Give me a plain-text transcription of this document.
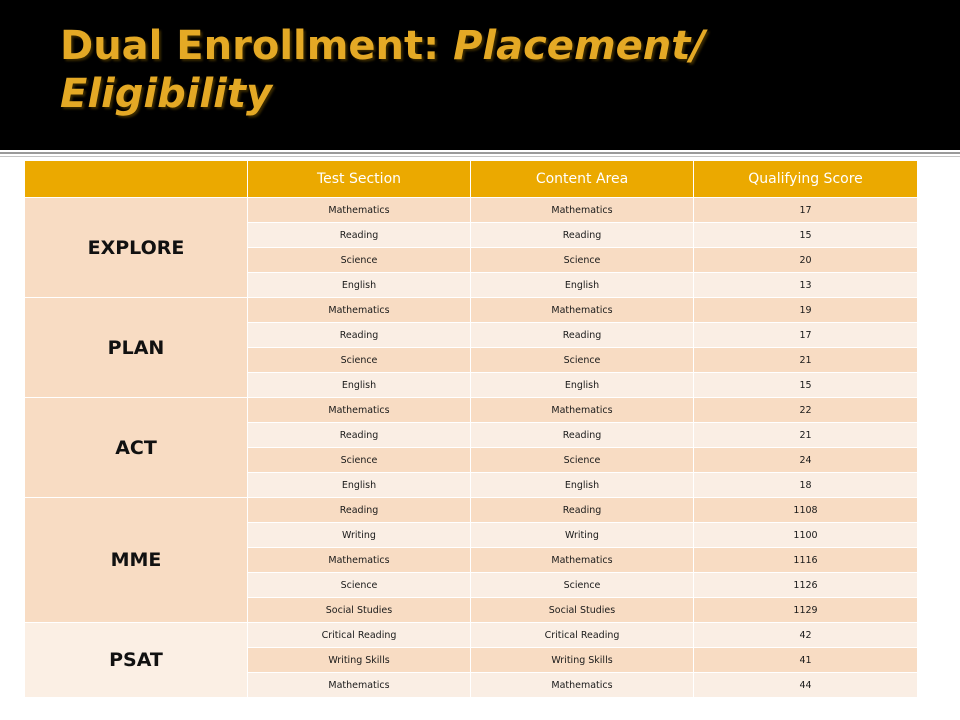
Dual Enrollment: Placement/
Eligibility
	Test Section	Content Area	Qualifying Score
EXPLORE	Mathematics	Mathematics	17
	Reading	Reading	15
	Science	Science	20
	English	English	13
PLAN	Mathematics	Mathematics	19
	Reading	Reading	17
	Science	Science	21
	English	English	15
ACT	Mathematics	Mathematics	22
	Reading	Reading	21
	Science	Science	24
	English	English	18
MME	Reading	Reading	1108
	Writing	Writing	1100
	Mathematics	Mathematics	1116
	Science	Science	1126
	Social Studies	Social Studies	1129
PSAT	Critical Reading	Critical Reading	42
	Writing Skills	Writing Skills	41
	Mathematics	Mathematics	44
